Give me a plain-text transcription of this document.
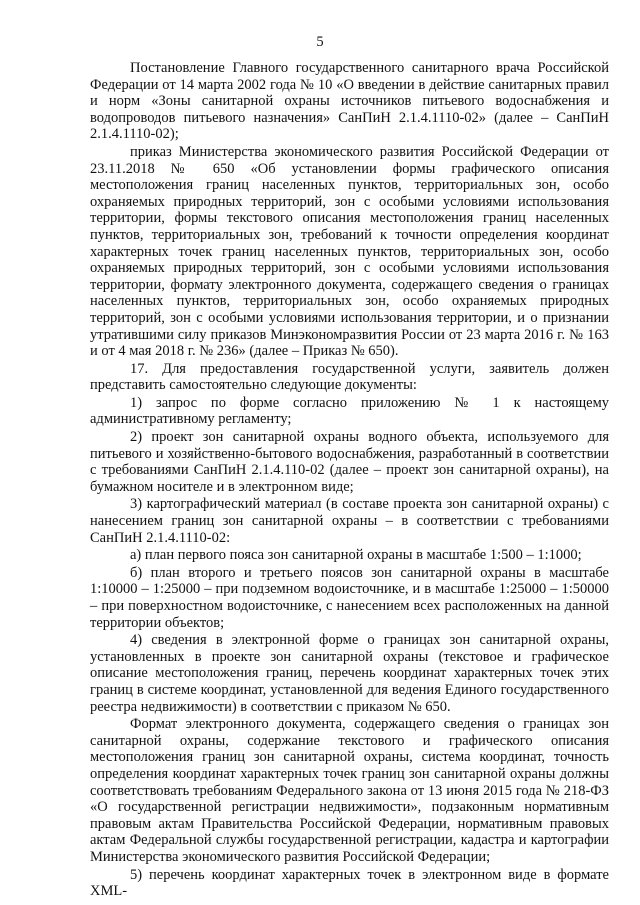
5

Постановление Главного государственного санитарного врача Российской Федерации от 14 марта 2002 года № 10 «О введении в действие санитарных правил и норм «Зоны санитарной охраны источников питьевого водоснабжения и водопроводов питьевого назначения» СанПиН 2.1.4.1110-02» (далее – СанПиН 2.1.4.1110-02);

приказ Министерства экономического развития Российской Федерации от 23.11.2018 № 650 «Об установлении формы графического описания местоположения границ населенных пунктов, территориальных зон, особо охраняемых природных территорий, зон с особыми условиями использования территории, формы текстового описания местоположения границ населенных пунктов, территориальных зон, требований к точности определения координат характерных точек границ населенных пунктов, территориальных зон, особо охраняемых природных территорий, зон с особыми условиями использования территории, формату электронного документа, содержащего сведения о границах населенных пунктов, территориальных зон, особо охраняемых природных территорий, зон с особыми условиями использования территории, и о признании утратившими силу приказов Минэкономразвития России от 23 марта 2016 г. № 163 и от 4 мая 2018 г. № 236» (далее – Приказ № 650).

17. Для предоставления государственной услуги, заявитель должен представить самостоятельно следующие документы:

1) запрос по форме согласно приложению № 1 к настоящему административному регламенту;

2) проект зон санитарной охраны водного объекта, используемого для питьевого и хозяйственно-бытового водоснабжения, разработанный в соответствии с требованиями СанПиН 2.1.4.110-02 (далее – проект зон санитарной охраны), на бумажном носителе и в электронном виде;

3) картографический материал (в составе проекта зон санитарной охраны) с нанесением границ зон санитарной охраны – в соответствии с требованиями СанПиН 2.1.4.1110-02:

а) план первого пояса зон санитарной охраны в масштабе 1:500 – 1:1000;

б) план второго и третьего поясов зон санитарной охраны в масштабе 1:10000 – 1:25000 – при подземном водоисточнике, и в масштабе 1:25000 – 1:50000 – при поверхностном водоисточнике, с нанесением всех расположенных на данной территории объектов;

4) сведения в электронной форме о границах зон санитарной охраны, установленных в проекте зон санитарной охраны (текстовое и графическое описание местоположения границ, перечень координат характерных точек этих границ в системе координат, установленной для ведения Единого государственного реестра недвижимости) в соответствии с приказом № 650.

Формат электронного документа, содержащего сведения о границах зон санитарной охраны, содержание текстового и графического описания местоположения границ зон санитарной охраны, система координат, точность определения координат характерных точек границ зон санитарной охраны должны соответствовать требованиям Федерального закона от 13 июня 2015 года № 218-ФЗ «О государственной регистрации недвижимости», подзаконным нормативным правовым актам Правительства Российской Федерации, нормативным правовых актам Федеральной службы государственной регистрации, кадастра и картографии Министерства экономического развития Российской Федерации;

5) перечень координат характерных точек в электронном виде в формате XML-
